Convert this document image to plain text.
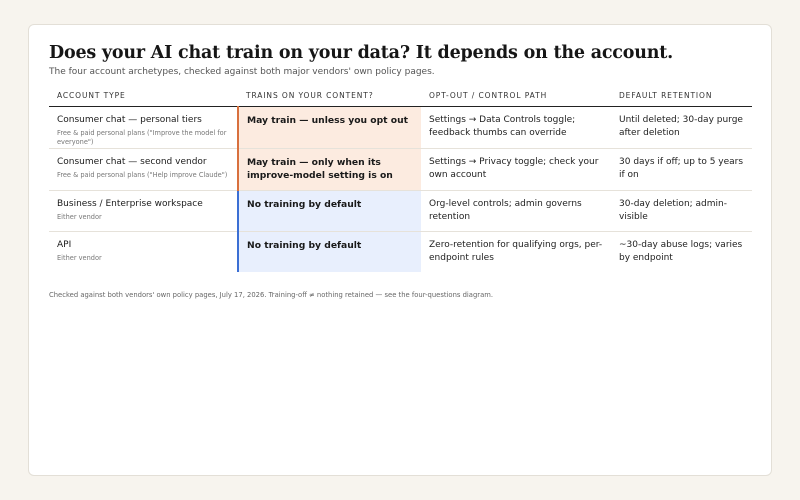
Does your AI chat train on your data? It depends on the account.

The four account archetypes, checked against both major vendors' own policy pages.

ACCOUNT TYPE	TRAINS ON YOUR CONTENT?	OPT-OUT / CONTROL PATH	DEFAULT RETENTION

Consumer chat — personal tiers
Free & paid personal plans ("Improve the model for everyone")	May train — unless you opt out	Settings → Data Controls toggle; feedback thumbs can override	Until deleted; 30-day purge after deletion

Consumer chat — second vendor
Free & paid personal plans ("Help improve Claude")	May train — only when its improve-model setting is on	Settings → Privacy toggle; check your own account	30 days if off; up to 5 years if on

Business / Enterprise workspace
Either vendor	No training by default	Org-level controls; admin governs retention	30-day deletion; admin-visible

API
Either vendor	No training by default	Zero-retention for qualifying orgs, per-endpoint rules	~30-day abuse logs; varies by endpoint

Checked against both vendors' own policy pages, July 17, 2026. Training-off ≠ nothing retained — see the four-questions diagram.
